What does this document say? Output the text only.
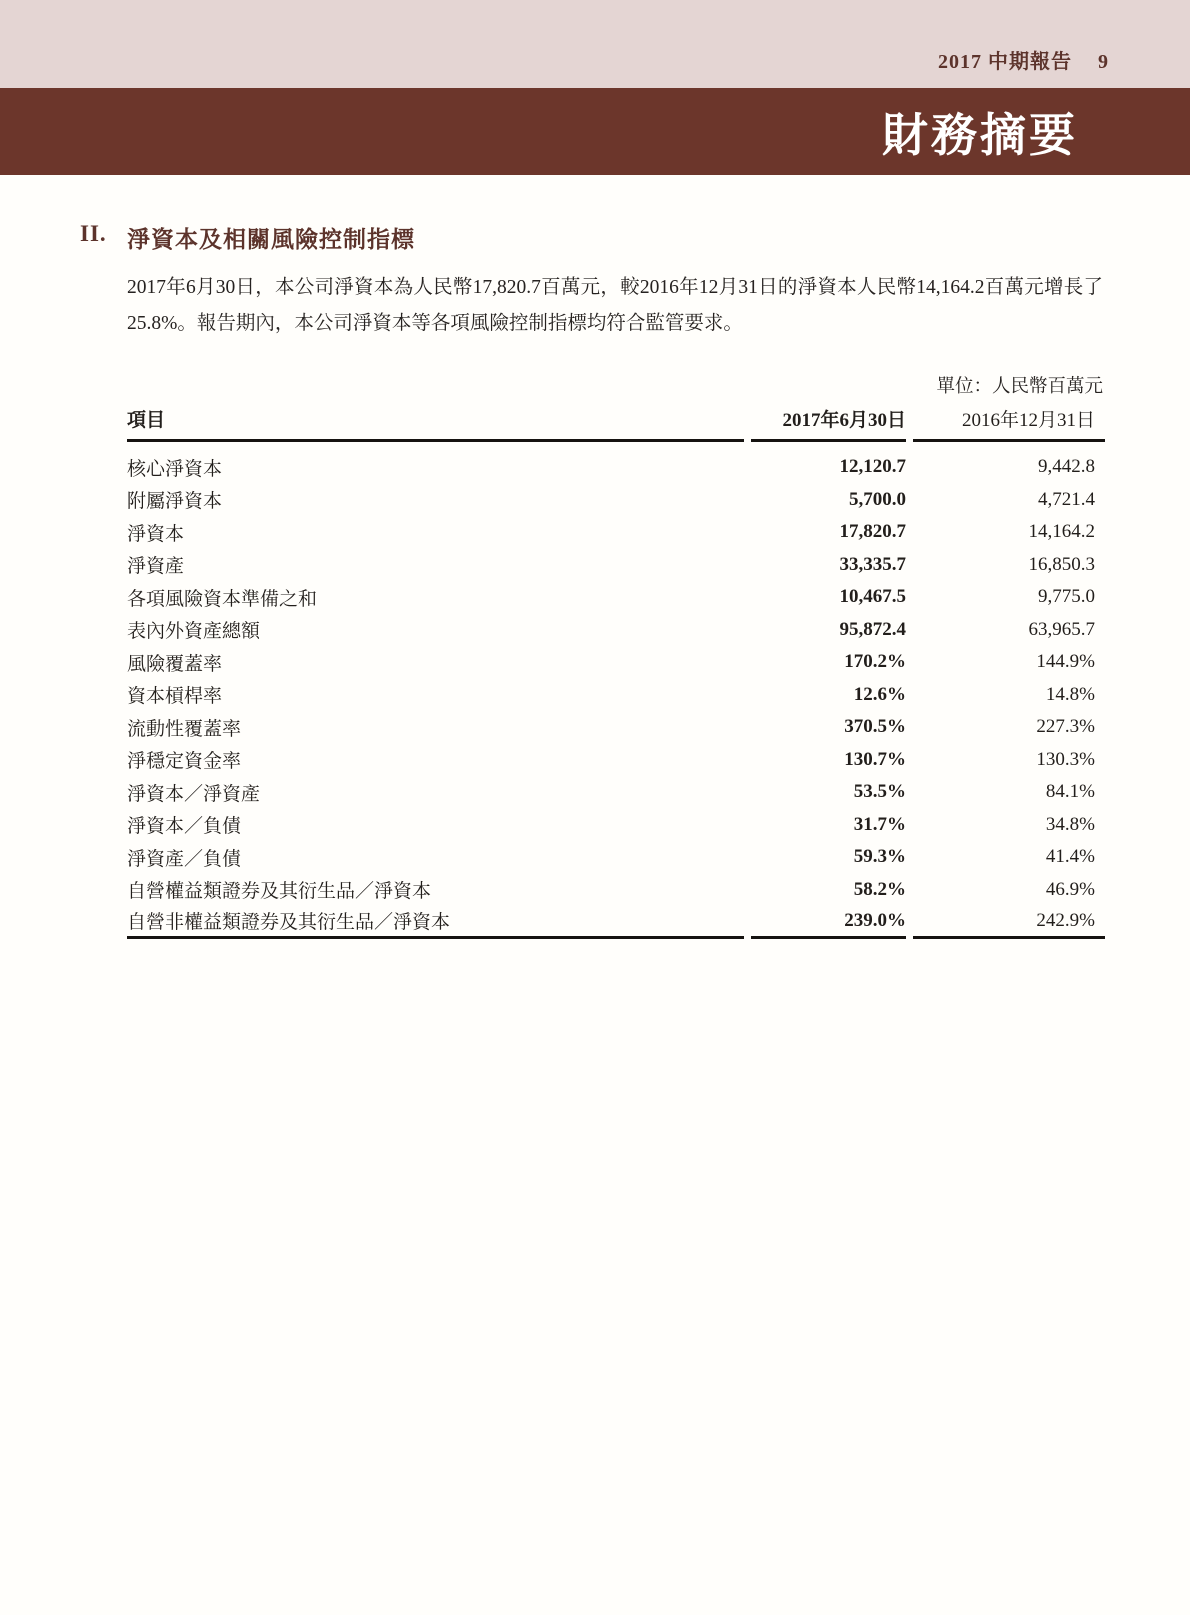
2017 中期報告 9
財務摘要
II. 淨資本及相關風險控制指標

2017年6月30日，本公司淨資本為人民幣17,820.7百萬元，較2016年12月31日的淨資本人民幣14,164.2百萬元增長了25.8%。報告期內，本公司淨資本等各項風險控制指標均符合監管要求。

單位：人民幣百萬元
項目	2017年6月30日	2016年12月31日
核心淨資本	12,120.7	9,442.8
附屬淨資本	5,700.0	4,721.4
淨資本	17,820.7	14,164.2
淨資產	33,335.7	16,850.3
各項風險資本準備之和	10,467.5	9,775.0
表內外資產總額	95,872.4	63,965.7
風險覆蓋率	170.2%	144.9%
資本槓桿率	12.6%	14.8%
流動性覆蓋率	370.5%	227.3%
淨穩定資金率	130.7%	130.3%
淨資本／淨資產	53.5%	84.1%
淨資本／負債	31.7%	34.8%
淨資產／負債	59.3%	41.4%
自營權益類證券及其衍生品／淨資本	58.2%	46.9%
自營非權益類證券及其衍生品／淨資本	239.0%	242.9%
